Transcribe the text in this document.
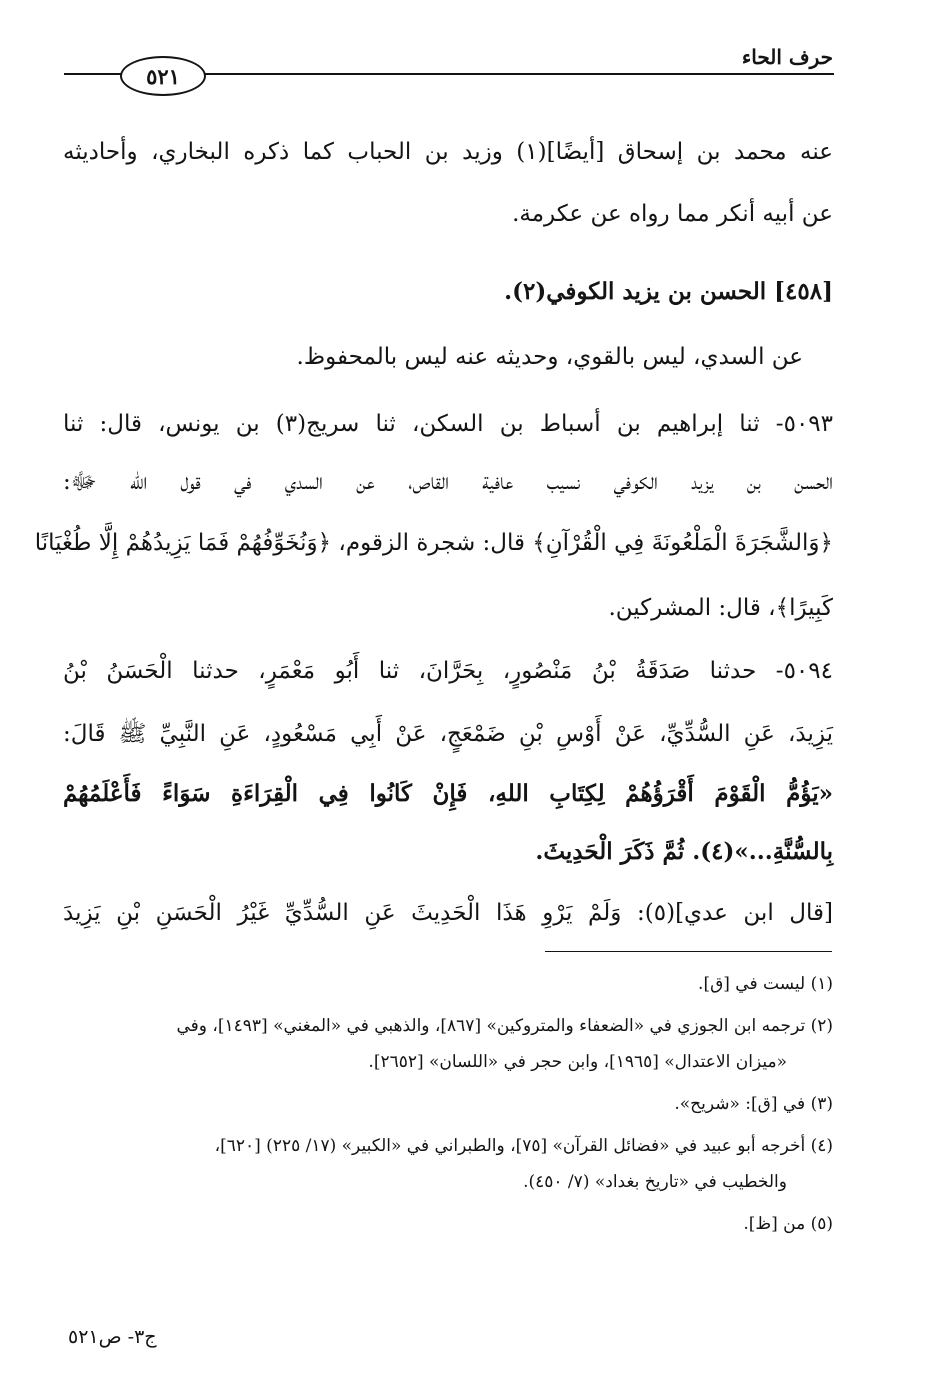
حرف الحاء
٥٢١
عنه محمد بن إسحاق [أيضًا](١) وزيد بن الحباب كما ذكره البخاري، وأحاديثه
عن أبيه أنكر مما رواه عن عكرمة.
[٤٥٨] الحسن بن يزيد الكوفي(٢).
عن السدي، ليس بالقوي، وحديثه عنه ليس بالمحفوظ.
٥٠٩٣- ثنا إبراهيم بن أسباط بن السكن، ثنا سريج(٣) بن يونس، قال: ثنا
الحسن بن يزيد الكوفي نسيب عافية القاص، عن السدي في قول الله ﷻ:
﴿وَالشَّجَرَةَ الْمَلْعُونَةَ فِي الْقُرْآنِ﴾ قال: شجرة الزقوم، ﴿وَنُخَوِّفُهُمْ فَمَا يَزِيدُهُمْ إِلَّا طُغْيَانًا
كَبِيرًا﴾، قال: المشركين.
٥٠٩٤- حدثنا صَدَقَةُ بْنُ مَنْصُورٍ، بِحَرَّانَ، ثنا أَبُو مَعْمَرٍ، حدثنا الْحَسَنُ بْنُ
يَزِيدَ، عَنِ السُّدِّيِّ، عَنْ أَوْسِ بْنِ ضَمْعَجٍ، عَنْ أَبِي مَسْعُودٍ، عَنِ النَّبِيِّ ﷺ قَالَ:
«يَؤُمُّ الْقَوْمَ أَقْرَؤُهُمْ لِكِتَابِ اللهِ، فَإِنْ كَانُوا فِي الْقِرَاءَةِ سَوَاءً فَأَعْلَمُهُمْ
بِالسُّنَّةِ...»(٤). ثُمَّ ذَكَرَ الْحَدِيثَ.
[قال ابن عدي](٥): وَلَمْ يَرْوِ هَذَا الْحَدِيثَ عَنِ السُّدِّيِّ غَيْرُ الْحَسَنِ بْنِ يَزِيدَ
(١) ليست في [ق].
(٢) ترجمه ابن الجوزي في «الضعفاء والمتروكين» [٨٦٧]، والذهبي في «المغني» [١٤٩٣]، وفي
«ميزان الاعتدال» [١٩٦٥]، وابن حجر في «اللسان» [٢٦٥٢].
(٣) في [ق]: «شريح».
(٤) أخرجه أبو عبيد في «فضائل القرآن» [٧٥]، والطبراني في «الكبير» (١٧/ ٢٢٥) [٦٢٠]،
والخطيب في «تاريخ بغداد» (٧/ ٤٥٠).
(٥) من [ظ].
ج٣- ص٥٢١
